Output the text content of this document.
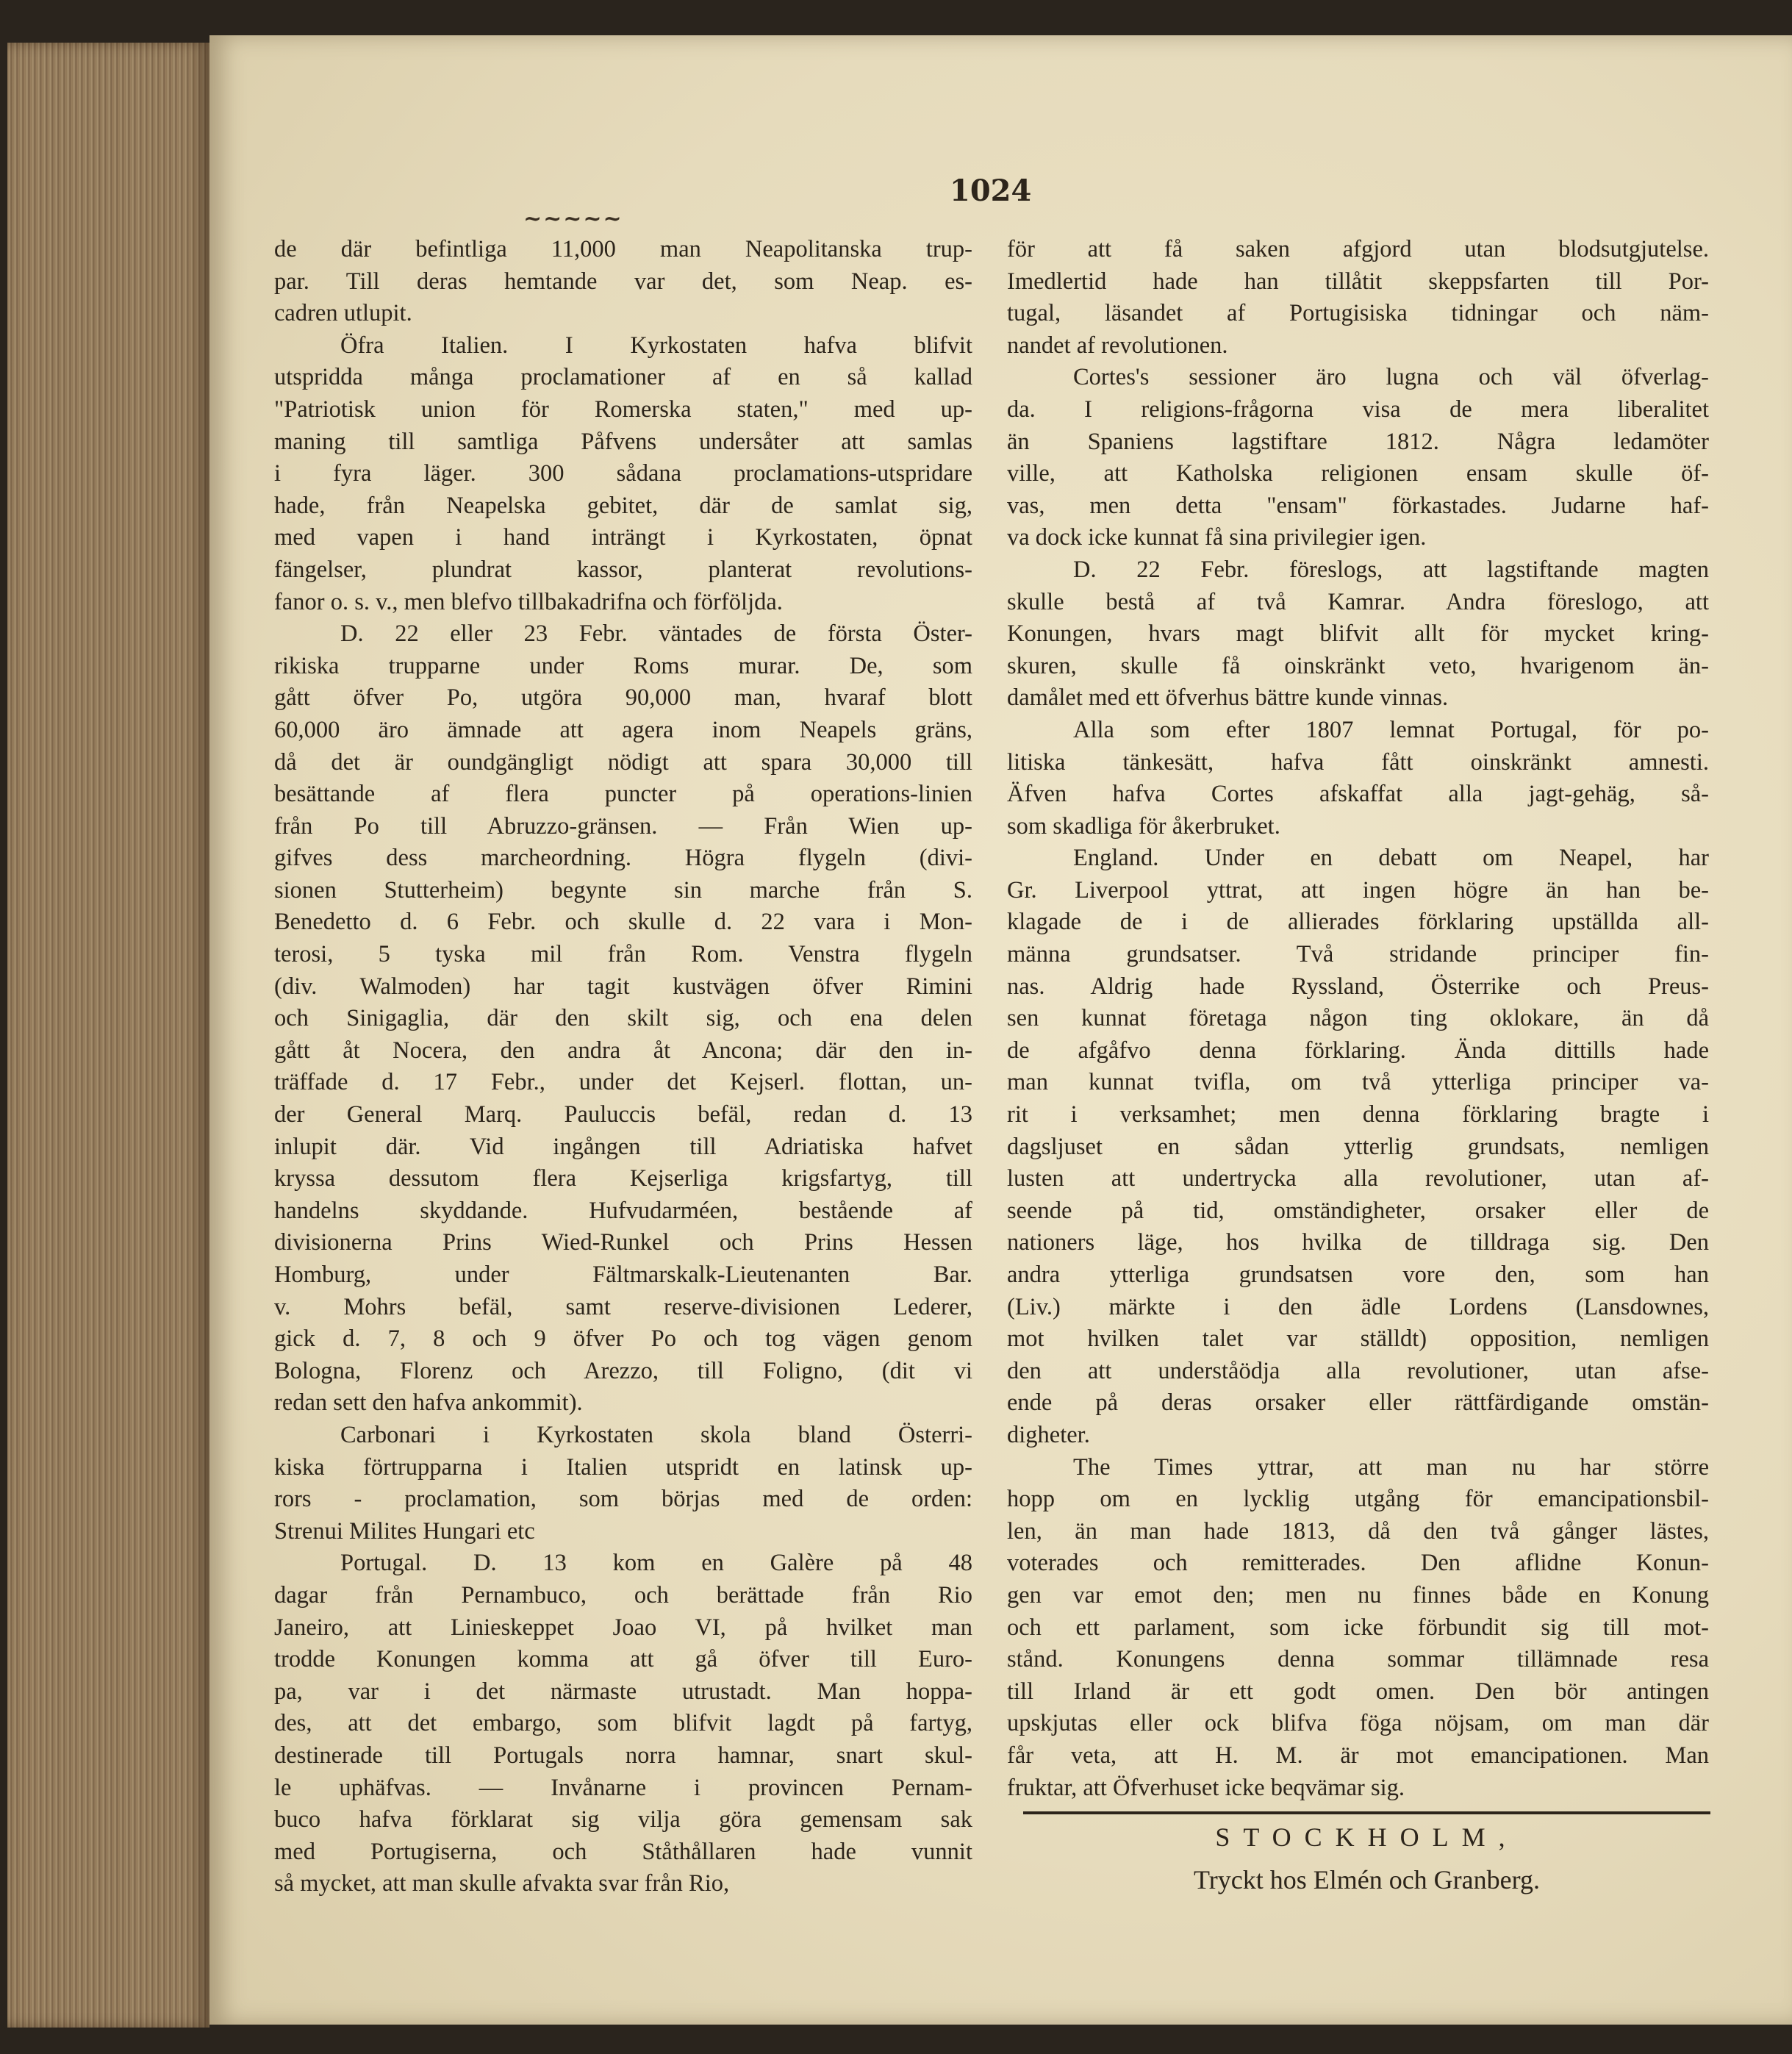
~~~~~
1024
de där befintliga 11,000 man Neapolitanska trup-
par. Till deras hemtande var det, som Neap. es-
cadren utlupit.
Öfra Italien. I Kyrkostaten hafva blifvit
utspridda många proclamationer af en så kallad
"Patriotisk union för Romerska staten," med up-
maning till samtliga Påfvens undersåter att samlas
i fyra läger. 300 sådana proclamations-utspridare
hade, från Neapelska gebitet, där de samlat sig,
med vapen i hand inträngt i Kyrkostaten, öpnat
fängelser, plundrat kassor, planterat revolutions-
fanor o. s. v., men blefvo tillbakadrifna och förföljda.
D. 22 eller 23 Febr. väntades de första Öster-
rikiska trupparne under Roms murar. De, som
gått öfver Po, utgöra 90,000 man, hvaraf blott
60,000 äro ämnade att agera inom Neapels gräns,
då det är oundgängligt nödigt att spara 30,000 till
besättande af flera puncter på operations-linien
från Po till Abruzzo-gränsen. — Från Wien up-
gifves dess marcheordning. Högra flygeln (divi-
sionen Stutterheim) begynte sin marche från S.
Benedetto d. 6 Febr. och skulle d. 22 vara i Mon-
terosi, 5 tyska mil från Rom. Venstra flygeln
(div. Walmoden) har tagit kustvägen öfver Rimini
och Sinigaglia, där den skilt sig, och ena delen
gått åt Nocera, den andra åt Ancona; där den in-
träffade d. 17 Febr., under det Kejserl. flottan, un-
der General Marq. Pauluccis befäl, redan d. 13
inlupit där. Vid ingången till Adriatiska hafvet
kryssa dessutom flera Kejserliga krigsfartyg, till
handelns skyddande. Hufvudarméen, bestående af
divisionerna Prins Wied-Runkel och Prins Hessen
Homburg, under Fältmarskalk-Lieutenanten Bar.
v. Mohrs befäl, samt reserve-divisionen Lederer,
gick d. 7, 8 och 9 öfver Po och tog vägen genom
Bologna, Florenz och Arezzo, till Foligno, (dit vi
redan sett den hafva ankommit).
Carbonari i Kyrkostaten skola bland Österri-
kiska förtrupparna i Italien utspridt en latinsk up-
rors - proclamation, som börjas med de orden:
Strenui Milites Hungari etc
Portugal. D. 13 kom en Galère på 48
dagar från Pernambuco, och berättade från Rio
Janeiro, att Linieskeppet Joao VI, på hvilket man
trodde Konungen komma att gå öfver till Euro-
pa, var i det närmaste utrustadt. Man hoppa-
des, att det embargo, som blifvit lagdt på fartyg,
destinerade till Portugals norra hamnar, snart skul-
le uphäfvas. — Invånarne i provincen Pernam-
buco hafva förklarat sig vilja göra gemensam sak
med Portugiserna, och Ståthållaren hade vunnit
så mycket, att man skulle afvakta svar från Rio,
för att få saken afgjord utan blodsutgjutelse.
Imedlertid hade han tillåtit skeppsfarten till Por-
tugal, läsandet af Portugisiska tidningar och näm-
nandet af revolutionen.
Cortes's sessioner äro lugna och väl öfverlag-
da. I religions-frågorna visa de mera liberalitet
än Spaniens lagstiftare 1812. Några ledamöter
ville, att Katholska religionen ensam skulle öf-
vas, men detta "ensam" förkastades. Judarne haf-
va dock icke kunnat få sina privilegier igen.
D. 22 Febr. föreslogs, att lagstiftande magten
skulle bestå af två Kamrar. Andra föreslogo, att
Konungen, hvars magt blifvit allt för mycket kring-
skuren, skulle få oinskränkt veto, hvarigenom än-
damålet med ett öfverhus bättre kunde vinnas.
Alla som efter 1807 lemnat Portugal, för po-
litiska tänkesätt, hafva fått oinskränkt amnesti.
Äfven hafva Cortes afskaffat alla jagt-gehäg, så-
som skadliga för åkerbruket.
England. Under en debatt om Neapel, har
Gr. Liverpool yttrat, att ingen högre än han be-
klagade de i de allierades förklaring upställda all-
männa grundsatser. Två stridande principer fin-
nas. Aldrig hade Ryssland, Österrike och Preus-
sen kunnat företaga någon ting oklokare, än då
de afgåfvo denna förklaring. Ända dittills hade
man kunnat tvifla, om två ytterliga principer va-
rit i verksamhet; men denna förklaring bragte i
dagsljuset en sådan ytterlig grundsats, nemligen
lusten att undertrycka alla revolutioner, utan af-
seende på tid, omständigheter, orsaker eller de
nationers läge, hos hvilka de tilldraga sig. Den
andra ytterliga grundsatsen vore den, som han
(Liv.) märkte i den ädle Lordens (Lansdownes,
mot hvilken talet var ställdt) opposition, nemligen
den att underståödja alla revolutioner, utan afse-
ende på deras orsaker eller rättfärdigande omstän-
digheter.
The Times yttrar, att man nu har större
hopp om en lycklig utgång för emancipationsbil-
len, än man hade 1813, då den två gånger lästes,
voterades och remitterades. Den aflidne Konun-
gen var emot den; men nu finnes både en Konung
och ett parlament, som icke förbundit sig till mot-
stånd. Konungens denna sommar tillämnade resa
till Irland är ett godt omen. Den bör antingen
upskjutas eller ock blifva föga nöjsam, om man där
får veta, att H. M. är mot emancipationen. Man
fruktar, att Öfverhuset icke beqvämar sig.
STOCKHOLM,
Tryckt hos Elmén och Granberg.
